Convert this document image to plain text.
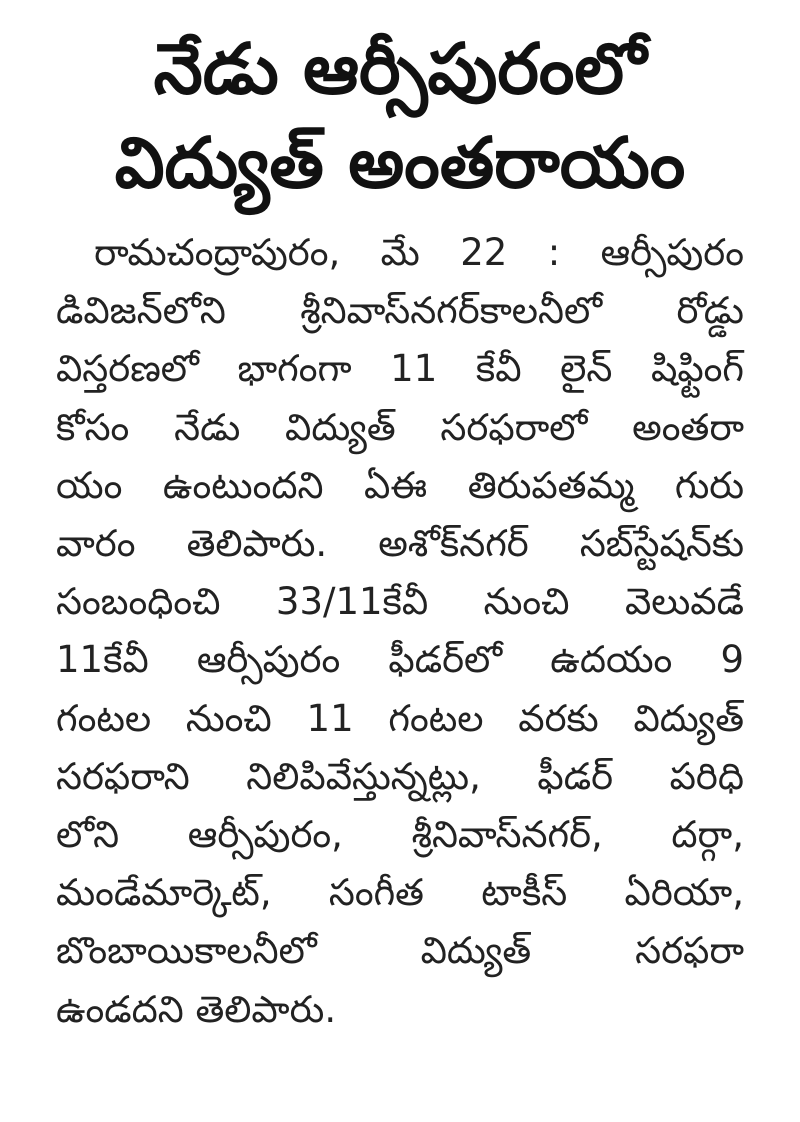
నేడు ఆర్సీపురంలో
విద్యుత్ అంతరాయం
రామచంద్రాపురం, మే 22 : ఆర్సీపురం
డివిజన్‌లోని శ్రీనివాస్‌నగర్‌కాలనీలో రోడ్డు
విస్తరణలో భాగంగా 11 కేవీ లైన్ షిఫ్టింగ్
కోసం నేడు విద్యుత్ సరఫరాలో అంతరా
యం ఉంటుందని ఏఈ తిరుపతమ్మ గురు
వారం తెలిపారు. అశోక్‌నగర్ సబ్‌స్టేషన్‌కు
సంబంధించి 33/11కేవీ నుంచి వెలువడే
11కేవీ ఆర్సీపురం ఫీడర్‌లో ఉదయం 9
గంటల నుంచి 11 గంటల వరకు విద్యుత్
సరఫరాని నిలిపివేస్తున్నట్లు, ఫీడర్ పరిధి
లోని ఆర్సీపురం, శ్రీనివాస్‌నగర్, దర్గా,
మండేమార్కెట్, సంగీత టాకీస్ ఏరియా,
బొంబాయికాలనీలో విద్యుత్ సరఫరా
ఉండదని తెలిపారు.
